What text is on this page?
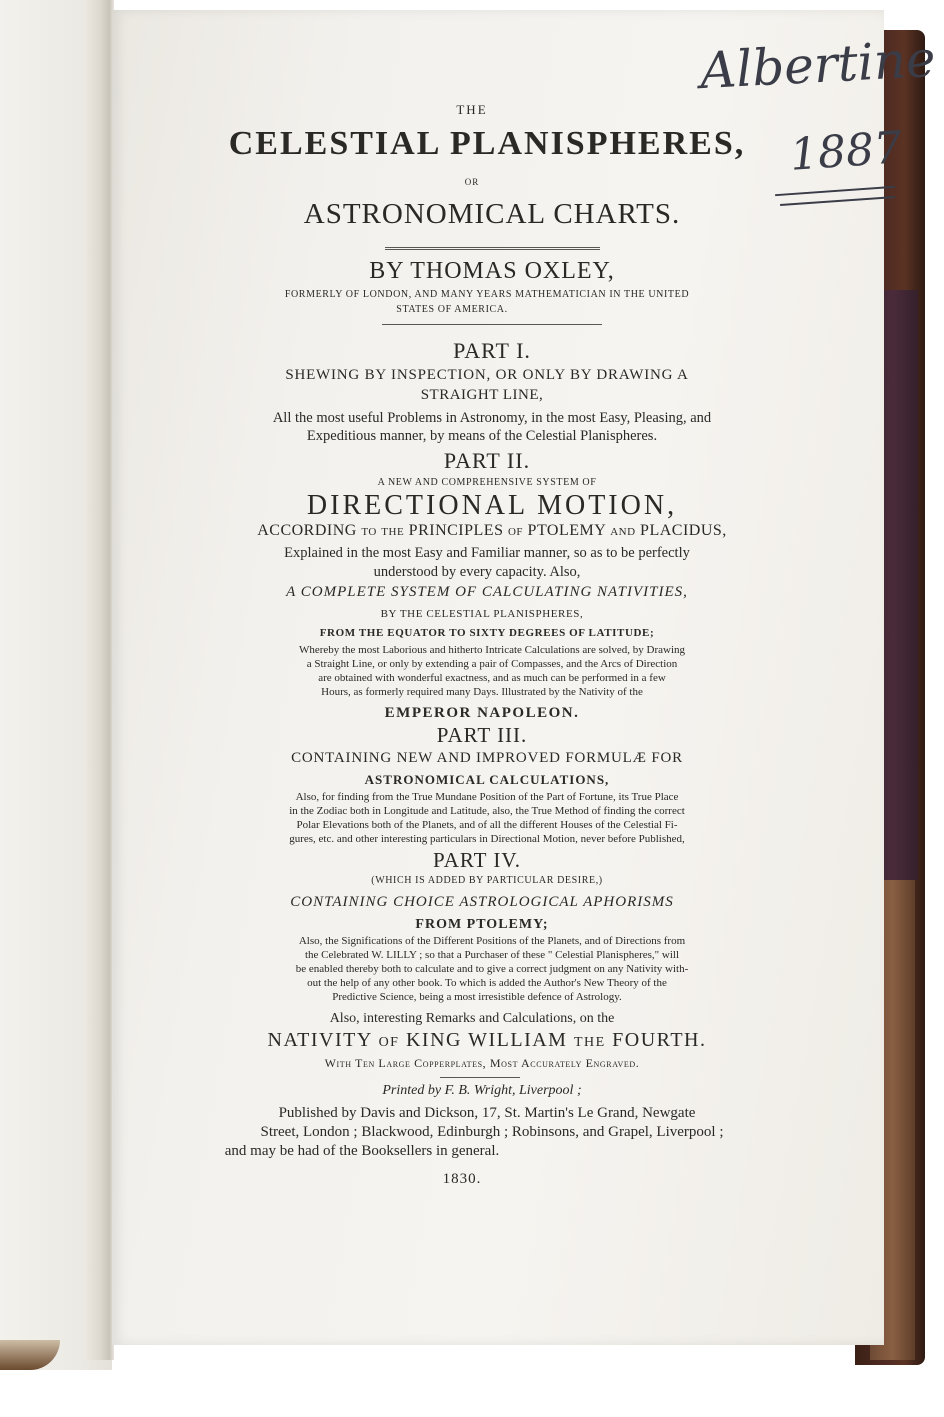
Albertine
1887

THE

CELESTIAL PLANISPHERES,

OR

ASTRONOMICAL CHARTS.

BY THOMAS OXLEY,

FORMERLY OF LONDON, AND MANY YEARS MATHEMATICIAN IN THE UNITED

STATES OF AMERICA.

PART I.

SHEWING BY INSPECTION, OR ONLY BY DRAWING A

STRAIGHT LINE,

All the most useful Problems in Astronomy, in the most Easy, Pleasing, and

Expeditious manner, by means of the Celestial Planispheres.

PART II.

A NEW AND COMPREHENSIVE SYSTEM OF

DIRECTIONAL MOTION,

ACCORDING to the PRINCIPLES of PTOLEMY and PLACIDUS,

Explained in the most Easy and Familiar manner, so as to be perfectly

understood by every capacity. Also,

A COMPLETE SYSTEM OF CALCULATING NATIVITIES,

BY THE CELESTIAL PLANISPHERES,

FROM THE EQUATOR TO SIXTY DEGREES OF LATITUDE;

Whereby the most Laborious and hitherto Intricate Calculations are solved, by Drawing

a Straight Line, or only by extending a pair of Compasses, and the Arcs of Direction

are obtained with wonderful exactness, and as much can be performed in a few

Hours, as formerly required many Days. Illustrated by the Nativity of the

EMPEROR NAPOLEON.

PART III.

CONTAINING NEW AND IMPROVED FORMULÆ FOR

ASTRONOMICAL CALCULATIONS,

Also, for finding from the True Mundane Position of the Part of Fortune, its True Place

in the Zodiac both in Longitude and Latitude, also, the True Method of finding the correct

Polar Elevations both of the Planets, and of all the different Houses of the Celestial Fi-

gures, etc. and other interesting particulars in Directional Motion, never before Published,

PART IV.

(WHICH IS ADDED BY PARTICULAR DESIRE,)

CONTAINING CHOICE ASTROLOGICAL APHORISMS

FROM PTOLEMY;

Also, the Significations of the Different Positions of the Planets, and of Directions from

the Celebrated W. LILLY ; so that a Purchaser of these " Celestial Planispheres," will

be enabled thereby both to calculate and to give a correct judgment on any Nativity with-

out the help of any other book. To which is added the Author's New Theory of the

Predictive Science, being a most irresistible defence of Astrology.

Also, interesting Remarks and Calculations, on the

NATIVITY of KING WILLIAM the FOURTH.

With Ten Large Copperplates, Most Accurately Engraved.

Printed by F. B. Wright, Liverpool ;

Published by Davis and Dickson, 17, St. Martin's Le Grand, Newgate

Street, London ; Blackwood, Edinburgh ; Robinsons, and Grapel, Liverpool ;

and may be had of the Booksellers in general.

1830.
